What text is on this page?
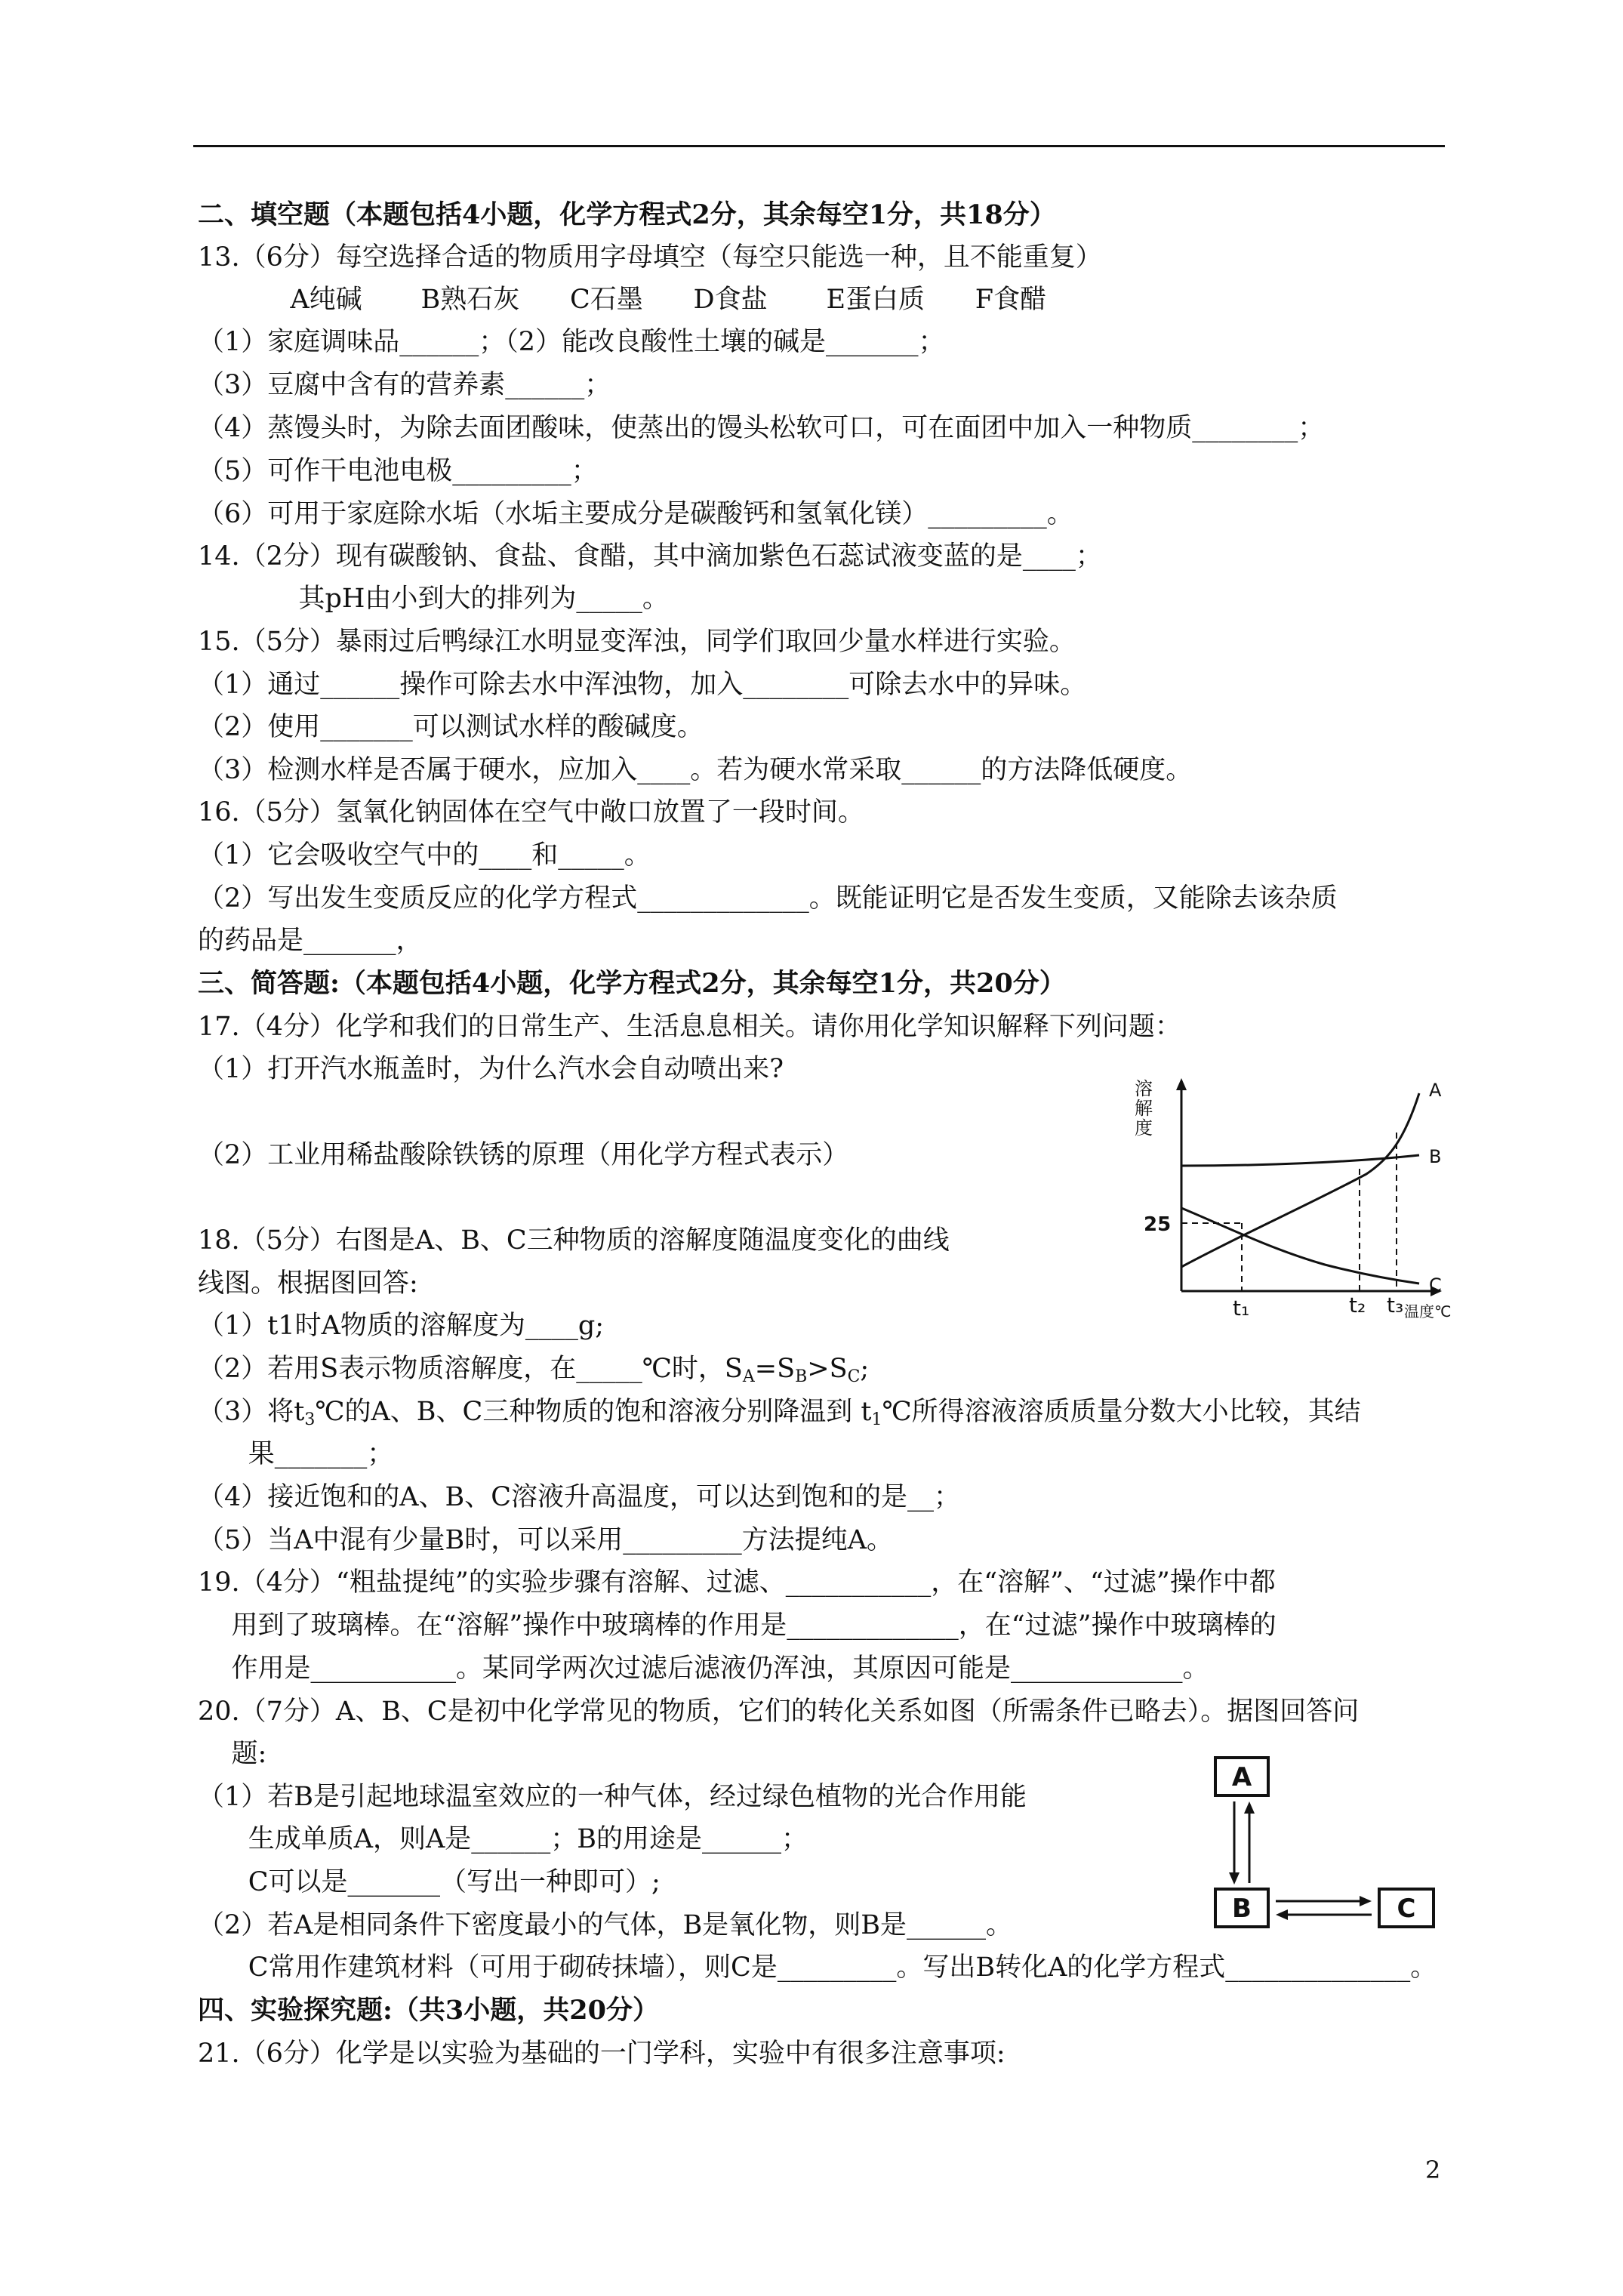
二、填空题（本题包括4小题，化学方程式2分，其余每空1分，共18分）
13.（6分）每空选择合适的物质用字母填空（每空只能选一种，且不能重复）
A纯碱       B熟石灰      C石墨      D食盐       E蛋白质      F食醋
（1）家庭调味品______；（2）能改良酸性土壤的碱是_______；
（3）豆腐中含有的营养素______；
（4）蒸馒头时，为除去面团酸味，使蒸出的馒头松软可口，可在面团中加入一种物质________；
（5）可作干电池电极_________；
（6）可用于家庭除水垢（水垢主要成分是碳酸钙和氢氧化镁）_________。
14.（2分）现有碳酸钠、食盐、食醋，其中滴加紫色石蕊试液变蓝的是____；
其pH由小到大的排列为_____。
15.（5分）暴雨过后鸭绿江水明显变浑浊，同学们取回少量水样进行实验。
（1）通过______操作可除去水中浑浊物，加入________可除去水中的异味。
（2）使用_______可以测试水样的酸碱度。
（3）检测水样是否属于硬水，应加入____。若为硬水常采取______的方法降低硬度。
16.（5分）氢氧化钠固体在空气中敞口放置了一段时间。
（1）它会吸收空气中的____和_____。
（2）写出发生变质反应的化学方程式_____________。既能证明它是否发生变质，又能除去该杂质
的药品是_______，
三、简答题:（本题包括4小题，化学方程式2分，其余每空1分，共20分）
17.（4分）化学和我们的日常生产、生活息息相关。请你用化学知识解释下列问题：
（1）打开汽水瓶盖时，为什么汽水会自动喷出来?
（2）工业用稀盐酸除铁锈的原理（用化学方程式表示）
18.（5分）右图是A、B、C三种物质的溶解度随温度变化的曲线
线图。根据图回答:
（1）t1时A物质的溶解度为____g;
（2）若用S表示物质溶解度，在_____℃时，$S_A=S_B>S_C$;
（3）将$t_3℃$的A、B、C三种物质的饱和溶液分别降温到 $t_1℃$所得溶液溶质质量分数大小比较，其结
果_______；
（4）接近饱和的A、B、C溶液升高温度，可以达到饱和的是__；
（5）当A中混有少量B时，可以采用_________方法提纯A。
19.（4分）“粗盐提纯”的实验步骤有溶解、过滤、___________，在“溶解”、“过滤”操作中都
用到了玻璃棒。在“溶解”操作中玻璃棒的作用是_____________，在“过滤”操作中玻璃棒的
作用是___________。某同学两次过滤后滤液仍浑浊，其原因可能是_____________。
20.（7分）A、B、C是初中化学常见的物质，它们的转化关系如图（所需条件已略去）。据图回答问
题:
（1）若B是引起地球温室效应的一种气体，经过绿色植物的光合作用能
生成单质A，则A是______；B的用途是______；
C可以是_______（写出一种即可）;
（2）若A是相同条件下密度最小的气体，B是氧化物，则B是______。
C常用作建筑材料（可用于砌砖抹墙），则C是_________。写出B转化A的化学方程式______________。
四、实验探究题:（共3小题，共20分）
21.（6分）化学是以实验为基础的一门学科，实验中有很多注意事项:
溶
解
度
25
t₁	t₂ t₃ 温度℃
A
B
C
A
B	C
2
